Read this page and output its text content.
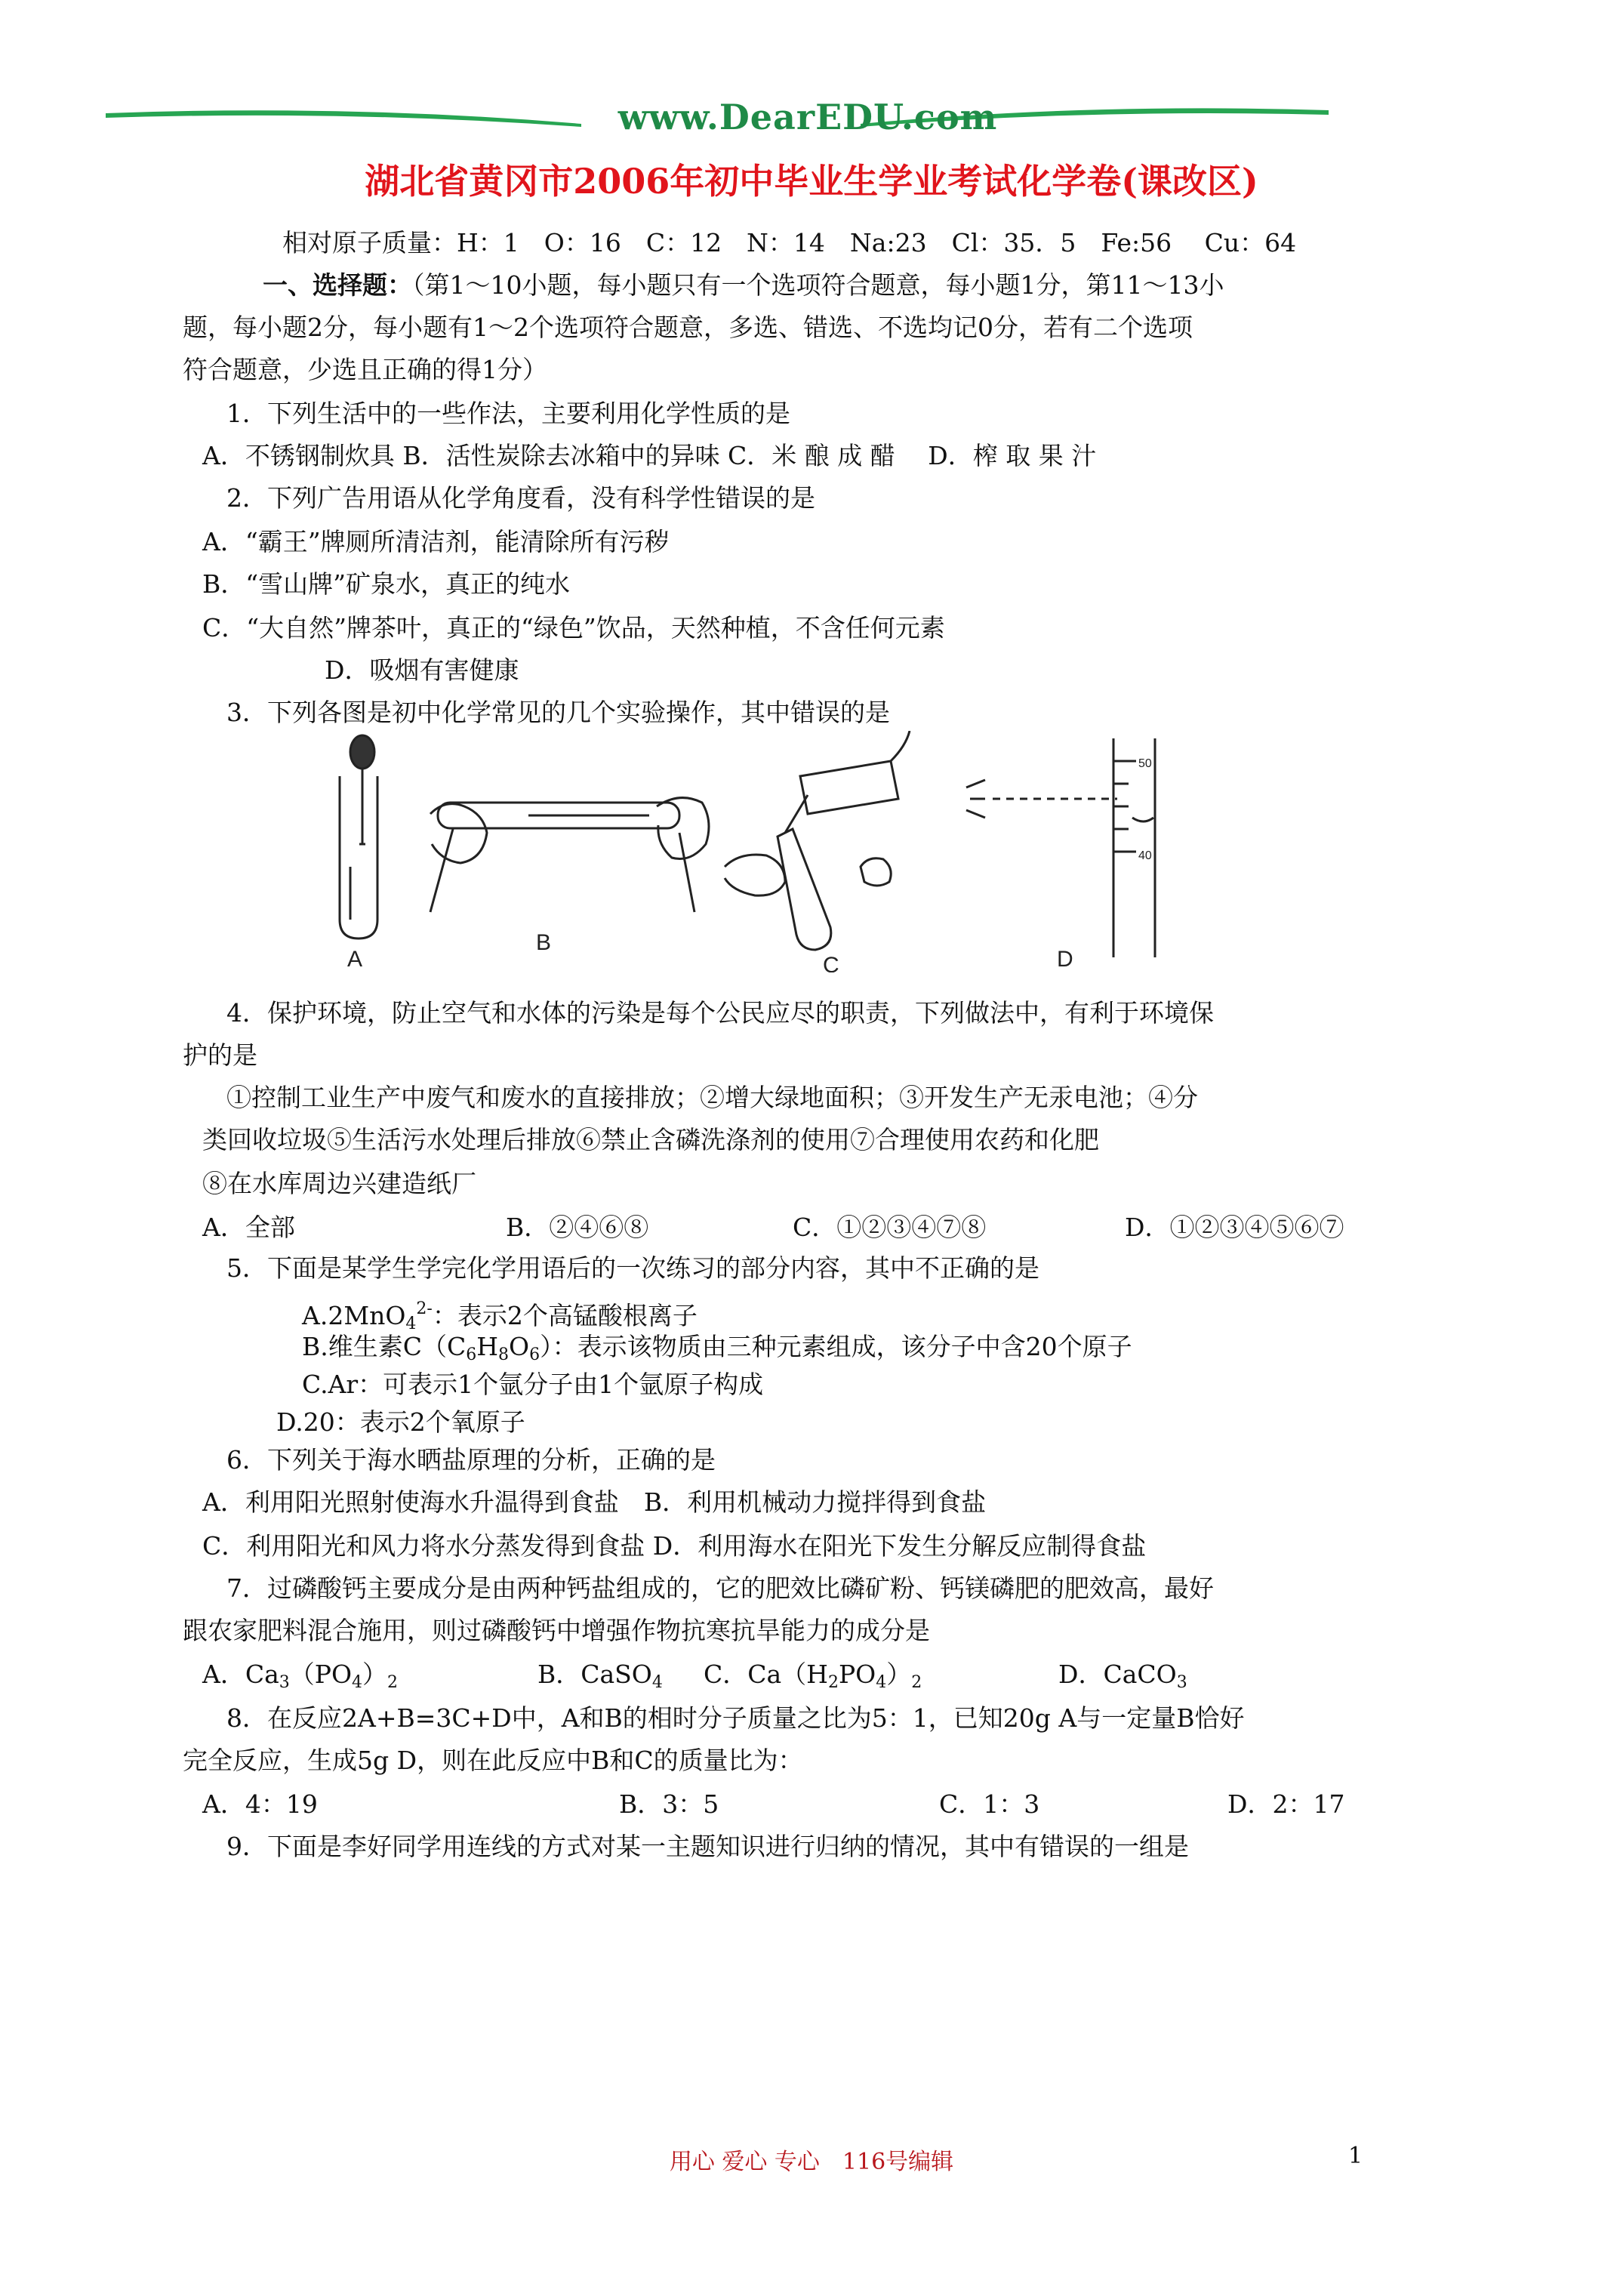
www.DearEDU.com
湖北省黄冈市2006年初中毕业生学业考试化学卷(课改区)
相对原子质量：H：1　O：16　C：12　N：14　Na:23　Cl：35．5　Fe:56　 Cu：64
一、选择题：（第1～10小题，每小题只有一个选项符合题意，每小题1分，第11～13小
题，每小题2分，每小题有1～2个选项符合题意，多选、错选、不选均记0分，若有二个选项
符合题意，少选且正确的得1分）
1．下列生活中的一些作法，主要利用化学性质的是
A．不锈钢制炊具 B．活性炭除去冰箱中的异味 C．米 酿 成 醋　 D．榨 取 果 汁
2．下列广告用语从化学角度看，没有科学性错误的是
A．“霸王”牌厕所清洁剂，能清除所有污秽
B．“雪山牌”矿泉水，真正的纯水
C．“大自然”牌茶叶，真正的“绿色”饮品，天然种植，不含任何元素
D．吸烟有害健康
3．下列各图是初中化学常见的几个实验操作，其中错误的是
A
B
C
50
40
D
4．保护环境，防止空气和水体的污染是每个公民应尽的职责，下列做法中，有利于环境保
护的是
①控制工业生产中废气和废水的直接排放；②增大绿地面积；③开发生产无汞电池；④分
类回收垃圾⑤生活污水处理后排放⑥禁止含磷洗涤剂的使用⑦合理使用农药和化肥
⑧在水库周边兴建造纸厂
A．全部	B．②④⑥⑧	C．①②③④⑦⑧	D．①②③④⑤⑥⑦
5．下面是某学生学完化学用语后的一次练习的部分内容，其中不正确的是
A.2MnO$_4^{2-}$：表示2个高锰酸根离子
B.维生素$C(C_6H_8O_6)$：表示该物质由三种元素组成，该分子中含20个原子
C.Ar：可表示1个氩分子由1个氩原子构成
D.20：表示2个氧原子
6．下列关于海水晒盐原理的分析，正确的是
A．利用阳光照射使海水升温得到食盐　B．利用机械动力搅拌得到食盐
C．利用阳光和风力将水分蒸发得到食盐 D．利用海水在阳光下发生分解反应制得食盐
7．过磷酸钙主要成分是由两种钙盐组成的，它的肥效比磷矿粉、钙镁磷肥的肥效高，最好
跟农家肥料混合施用，则过磷酸钙中增强作物抗寒抗旱能力的成分是
A．$Ca_3(PO_4)_2$	B．CaSO$_4$ C．$Ca(H_2PO_4)_2$	D．CaCO$_3$
8．在反应2A+B=3C+D中，A和B的相时分子质量之比为5：1，已知20g A与一定量B恰好
完全反应，生成5g D，则在此反应中B和C的质量比为：
A．4：19	B．3：5	C．1：3	D．2：17
9．下面是李好同学用连线的方式对某一主题知识进行归纳的情况，其中有错误的一组是
用心 爱心 专心　116号编辑	1
